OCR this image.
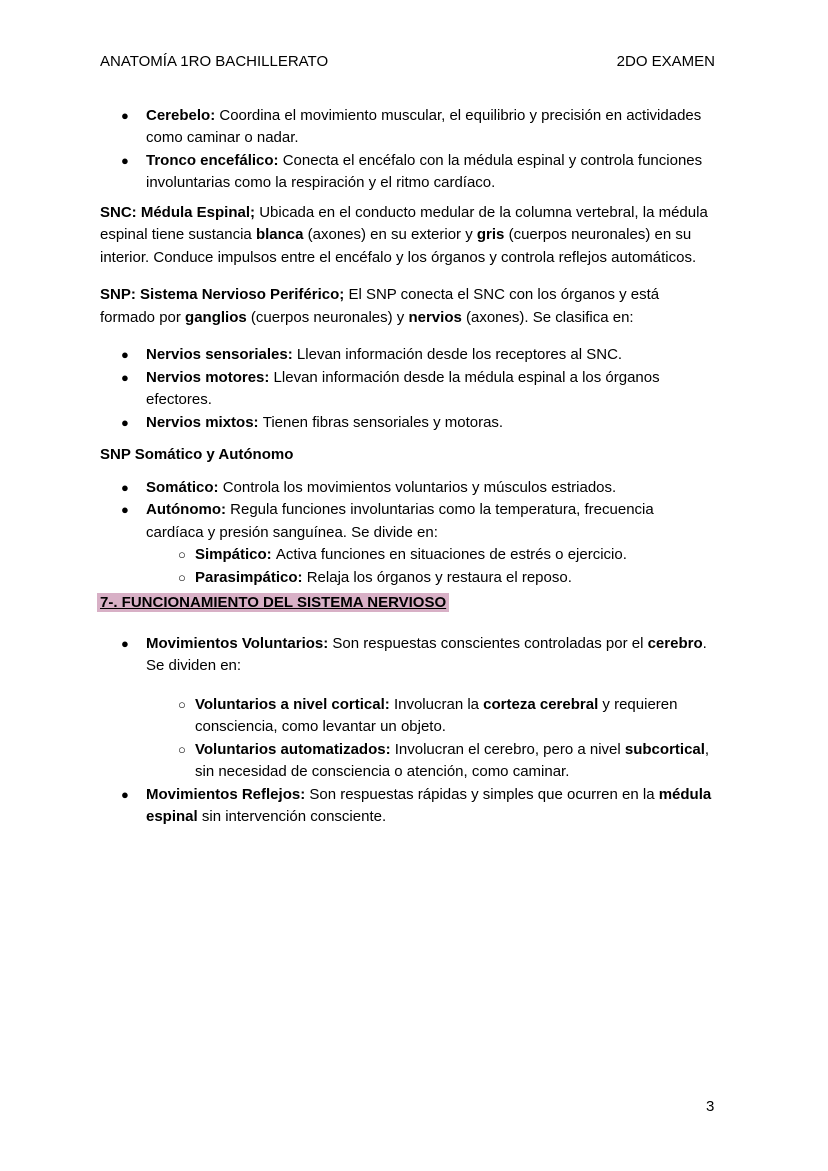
ANATOMÍA 1RO BACHILLERATO	2DO EXAMEN
● Cerebelo: Coordina el movimiento muscular, el equilibrio y precisión en actividades como caminar o nadar.
● Tronco encefálico: Conecta el encéfalo con la médula espinal y controla funciones involuntarias como la respiración y el ritmo cardíaco.

SNC: Médula Espinal; Ubicada en el conducto medular de la columna vertebral, la médula espinal tiene sustancia blanca (axones) en su exterior y gris (cuerpos neuronales) en su interior. Conduce impulsos entre el encéfalo y los órganos y controla reflejos automáticos.

SNP: Sistema Nervioso Periférico; El SNP conecta el SNC con los órganos y está formado por ganglios (cuerpos neuronales) y nervios (axones). Se clasifica en:

● Nervios sensoriales: Llevan información desde los receptores al SNC.
● Nervios motores: Llevan información desde la médula espinal a los órganos efectores.
● Nervios mixtos: Tienen fibras sensoriales y motoras.
SNP Somático y Autónomo
● Somático: Controla los movimientos voluntarios y músculos estriados.
● Autónomo: Regula funciones involuntarias como la temperatura, frecuencia cardíaca y presión sanguínea. Se divide en:
○ Simpático: Activa funciones en situaciones de estrés o ejercicio.
○ Parasimpático: Relaja los órganos y restaura el reposo.
7-. FUNCIONAMIENTO DEL SISTEMA NERVIOSO
● Movimientos Voluntarios: Son respuestas conscientes controladas por el cerebro. Se dividen en:
○ Voluntarios a nivel cortical: Involucran la corteza cerebral y requieren consciencia, como levantar un objeto.
○ Voluntarios automatizados: Involucran el cerebro, pero a nivel subcortical, sin necesidad de consciencia o atención, como caminar.
● Movimientos Reflejos: Son respuestas rápidas y simples que ocurren en la médula espinal sin intervención consciente.
3
